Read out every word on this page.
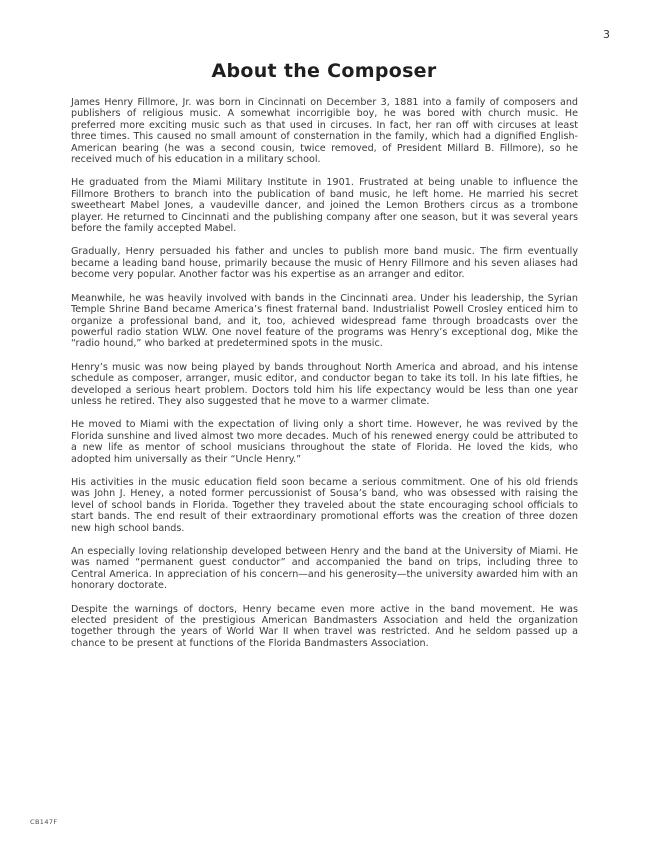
3
About the Composer

James Henry Fillmore, Jr. was born in Cincinnati on December 3, 1881 into a family of composers and publishers of religious music. A somewhat incorrigible boy, he was bored with church music. He preferred more exciting music such as that used in circuses. In fact, her ran off with circuses at least three times. This caused no small amount of consternation in the family, which had a dignified English-American bearing (he was a second cousin, twice removed, of President Millard B. Fillmore), so he received much of his education in a military school.

He graduated from the Miami Military Institute in 1901. Frustrated at being unable to influence the Fillmore Brothers to branch into the publication of band music, he left home. He married his secret sweetheart Mabel Jones, a vaudeville dancer, and joined the Lemon Brothers circus as a trombone player. He returned to Cincinnati and the publishing company after one season, but it was several years before the family accepted Mabel.

Gradually, Henry persuaded his father and uncles to publish more band music. The firm eventually became a leading band house, primarily because the music of Henry Fillmore and his seven aliases had become very popular. Another factor was his expertise as an arranger and editor.

Meanwhile, he was heavily involved with bands in the Cincinnati area. Under his leadership, the Syrian Temple Shrine Band became America’s finest fraternal band. Industrialist Powell Crosley enticed him to organize a professional band, and it, too, achieved widespread fame through broadcasts over the powerful radio station WLW. One novel feature of the programs was Henry’s exceptional dog, Mike the “radio hound,” who barked at predetermined spots in the music.

Henry’s music was now being played by bands throughout North America and abroad, and his intense schedule as composer, arranger, music editor, and conductor began to take its toll. In his late fifties, he developed a serious heart problem. Doctors told him his life expectancy would be less than one year unless he retired. They also suggested that he move to a warmer climate.

He moved to Miami with the expectation of living only a short time. However, he was revived by the Florida sunshine and lived almost two more decades. Much of his renewed energy could be attributed to a new life as mentor of school musicians throughout the state of Florida. He loved the kids, who adopted him universally as their “Uncle Henry.”

His activities in the music education field soon became a serious commitment. One of his old friends was John J. Heney, a noted former percussionist of Sousa’s band, who was obsessed with raising the level of school bands in Florida. Together they traveled about the state encouraging school officials to start bands. The end result of their extraordinary promotional efforts was the creation of three dozen new high school bands.

An especially loving relationship developed between Henry and the band at the University of Miami. He was named “permanent guest conductor” and accompanied the band on trips, including three to Central America. In appreciation of his concern—and his generosity—the university awarded him with an honorary doctorate.

Despite the warnings of doctors, Henry became even more active in the band movement. He was elected president of the prestigious American Bandmasters Association and held the organization together through the years of World War II when travel was restricted. And he seldom passed up a chance to be present at functions of the Florida Bandmasters Association.

CB147F
